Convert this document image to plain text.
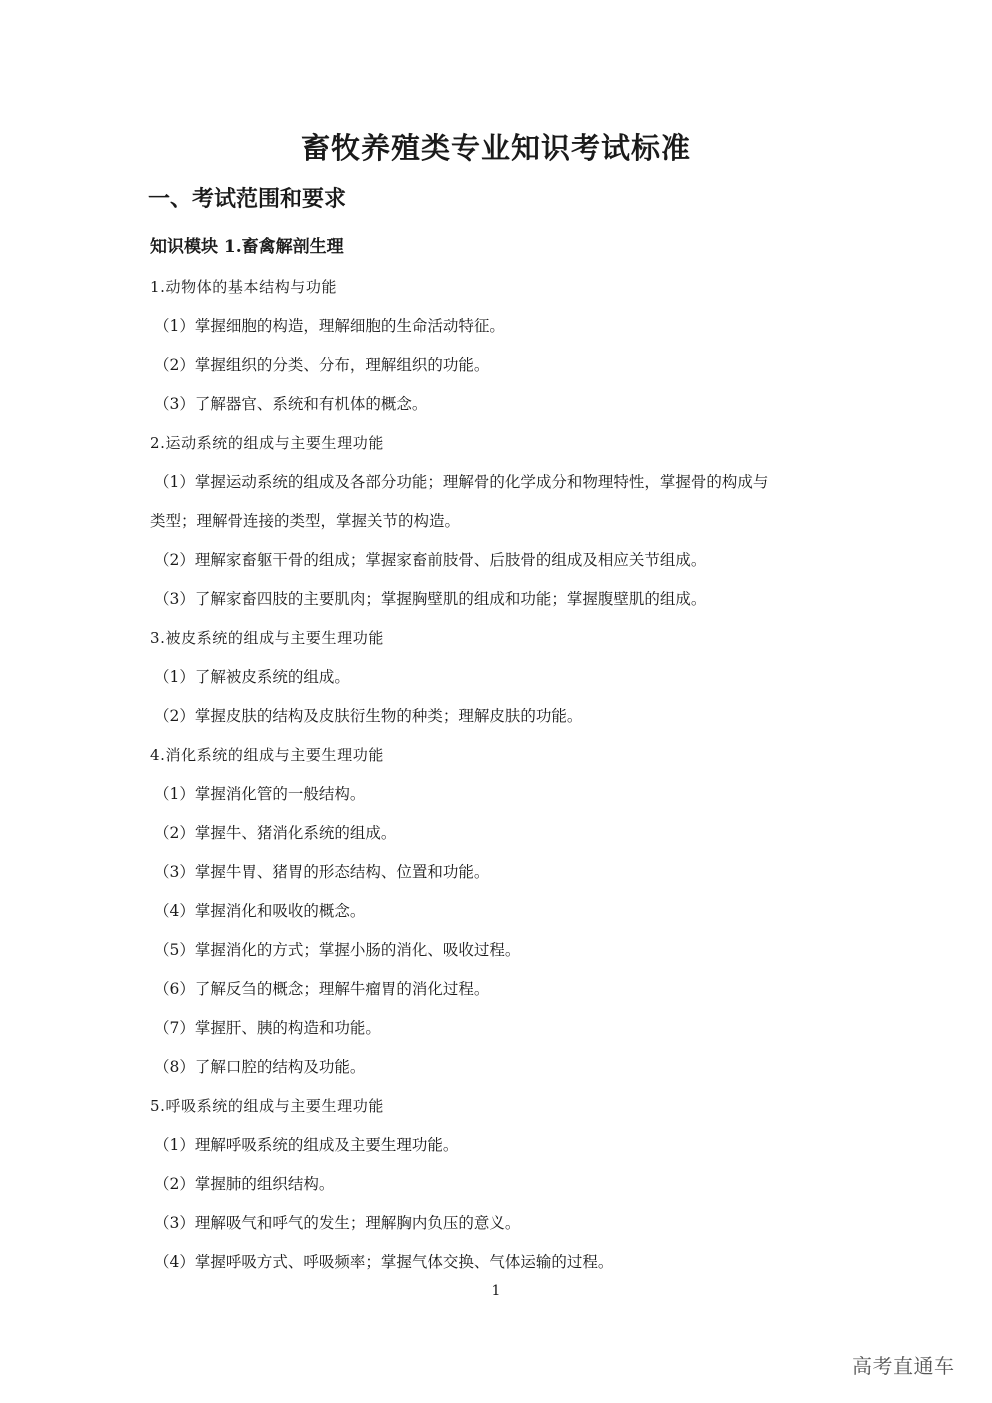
畜牧养殖类专业知识考试标准
一、考试范围和要求
知识模块 1.畜禽解剖生理

1.动物体的基本结构与功能

（1）掌握细胞的构造，理解细胞的生命活动特征。

（2）掌握组织的分类、分布，理解组织的功能。

（3）了解器官、系统和有机体的概念。

2.运动系统的组成与主要生理功能

（1）掌握运动系统的组成及各部分功能；理解骨的化学成分和物理特性，掌握骨的构成与

类型；理解骨连接的类型，掌握关节的构造。

（2）理解家畜躯干骨的组成；掌握家畜前肢骨、后肢骨的组成及相应关节组成。

（3）了解家畜四肢的主要肌肉；掌握胸壁肌的组成和功能；掌握腹壁肌的组成。

3.被皮系统的组成与主要生理功能

（1）了解被皮系统的组成。

（2）掌握皮肤的结构及皮肤衍生物的种类；理解皮肤的功能。

4.消化系统的组成与主要生理功能

（1）掌握消化管的一般结构。

（2）掌握牛、猪消化系统的组成。

（3）掌握牛胃、猪胃的形态结构、位置和功能。

（4）掌握消化和吸收的概念。

（5）掌握消化的方式；掌握小肠的消化、吸收过程。

（6）了解反刍的概念；理解牛瘤胃的消化过程。

（7）掌握肝、胰的构造和功能。

（8）了解口腔的结构及功能。

5.呼吸系统的组成与主要生理功能

（1）理解呼吸系统的组成及主要生理功能。

（2）掌握肺的组织结构。

（3）理解吸气和呼气的发生；理解胸内负压的意义。

（4）掌握呼吸方式、呼吸频率；掌握气体交换、气体运输的过程。

1

高考直通车
